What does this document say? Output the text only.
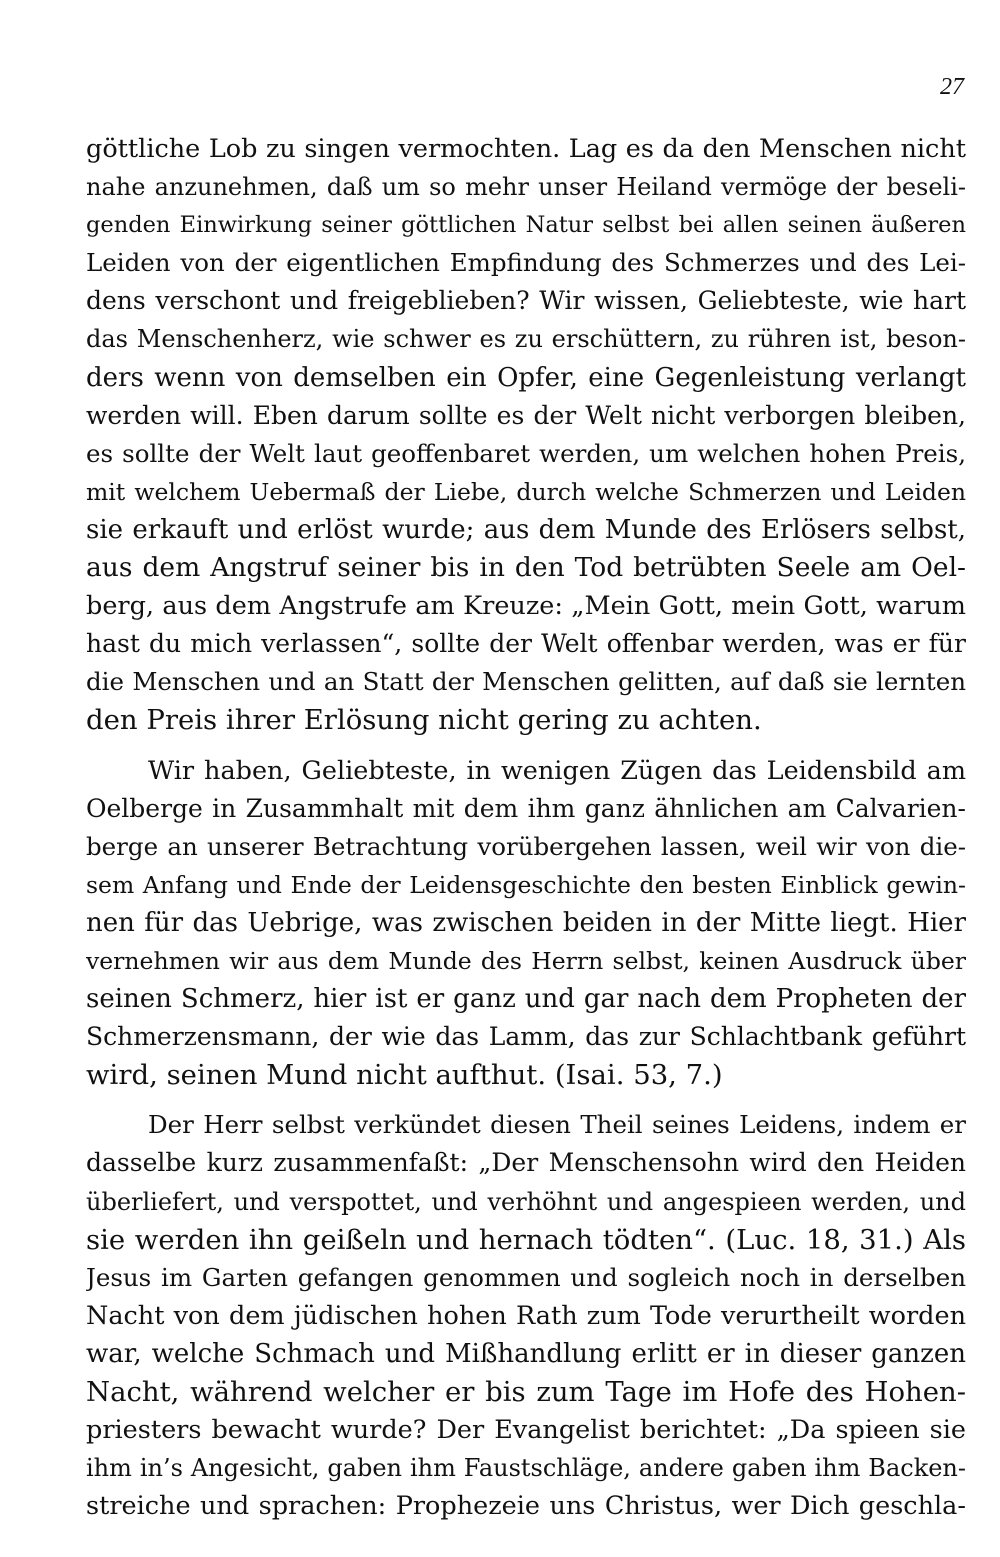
27
göttliche Lob zu singen vermochten. Lag es da den Menschen nicht
nahe anzunehmen, daß um so mehr unser Heiland vermöge der beseli-
genden Einwirkung seiner göttlichen Natur selbst bei allen seinen äußeren
Leiden von der eigentlichen Empfindung des Schmerzes und des Lei-
dens verschont und freigeblieben? Wir wissen, Geliebteste, wie hart
das Menschenherz, wie schwer es zu erschüttern, zu rühren ist, beson-
ders wenn von demselben ein Opfer, eine Gegenleistung verlangt
werden will. Eben darum sollte es der Welt nicht verborgen bleiben,
es sollte der Welt laut geoffenbaret werden, um welchen hohen Preis,
mit welchem Uebermaß der Liebe, durch welche Schmerzen und Leiden
sie erkauft und erlöst wurde; aus dem Munde des Erlösers selbst,
aus dem Angstruf seiner bis in den Tod betrübten Seele am Oel-
berg, aus dem Angstrufe am Kreuze: „Mein Gott, mein Gott, warum
hast du mich verlassen“, sollte der Welt offenbar werden, was er für
die Menschen und an Statt der Menschen gelitten, auf daß sie lernten
den Preis ihrer Erlösung nicht gering zu achten.
Wir haben, Geliebteste, in wenigen Zügen das Leidensbild am
Oelberge in Zusammhalt mit dem ihm ganz ähnlichen am Calvarien-
berge an unserer Betrachtung vorübergehen lassen, weil wir von die-
sem Anfang und Ende der Leidensgeschichte den besten Einblick gewin-
nen für das Uebrige, was zwischen beiden in der Mitte liegt. Hier
vernehmen wir aus dem Munde des Herrn selbst, keinen Ausdruck über
seinen Schmerz, hier ist er ganz und gar nach dem Propheten der
Schmerzensmann, der wie das Lamm, das zur Schlachtbank geführt
wird, seinen Mund nicht aufthut. (Isai. 53, 7.)
Der Herr selbst verkündet diesen Theil seines Leidens, indem er
dasselbe kurz zusammenfaßt: „Der Menschensohn wird den Heiden
überliefert, und verspottet, und verhöhnt und angespieen werden, und
sie werden ihn geißeln und hernach tödten“. (Luc. 18, 31.) Als
Jesus im Garten gefangen genommen und sogleich noch in derselben
Nacht von dem jüdischen hohen Rath zum Tode verurtheilt worden
war, welche Schmach und Mißhandlung erlitt er in dieser ganzen
Nacht, während welcher er bis zum Tage im Hofe des Hohen-
priesters bewacht wurde? Der Evangelist berichtet: „Da spieen sie
ihm in’s Angesicht, gaben ihm Faustschläge, andere gaben ihm Backen-
streiche und sprachen: Prophezeie uns Christus, wer Dich geschla-
